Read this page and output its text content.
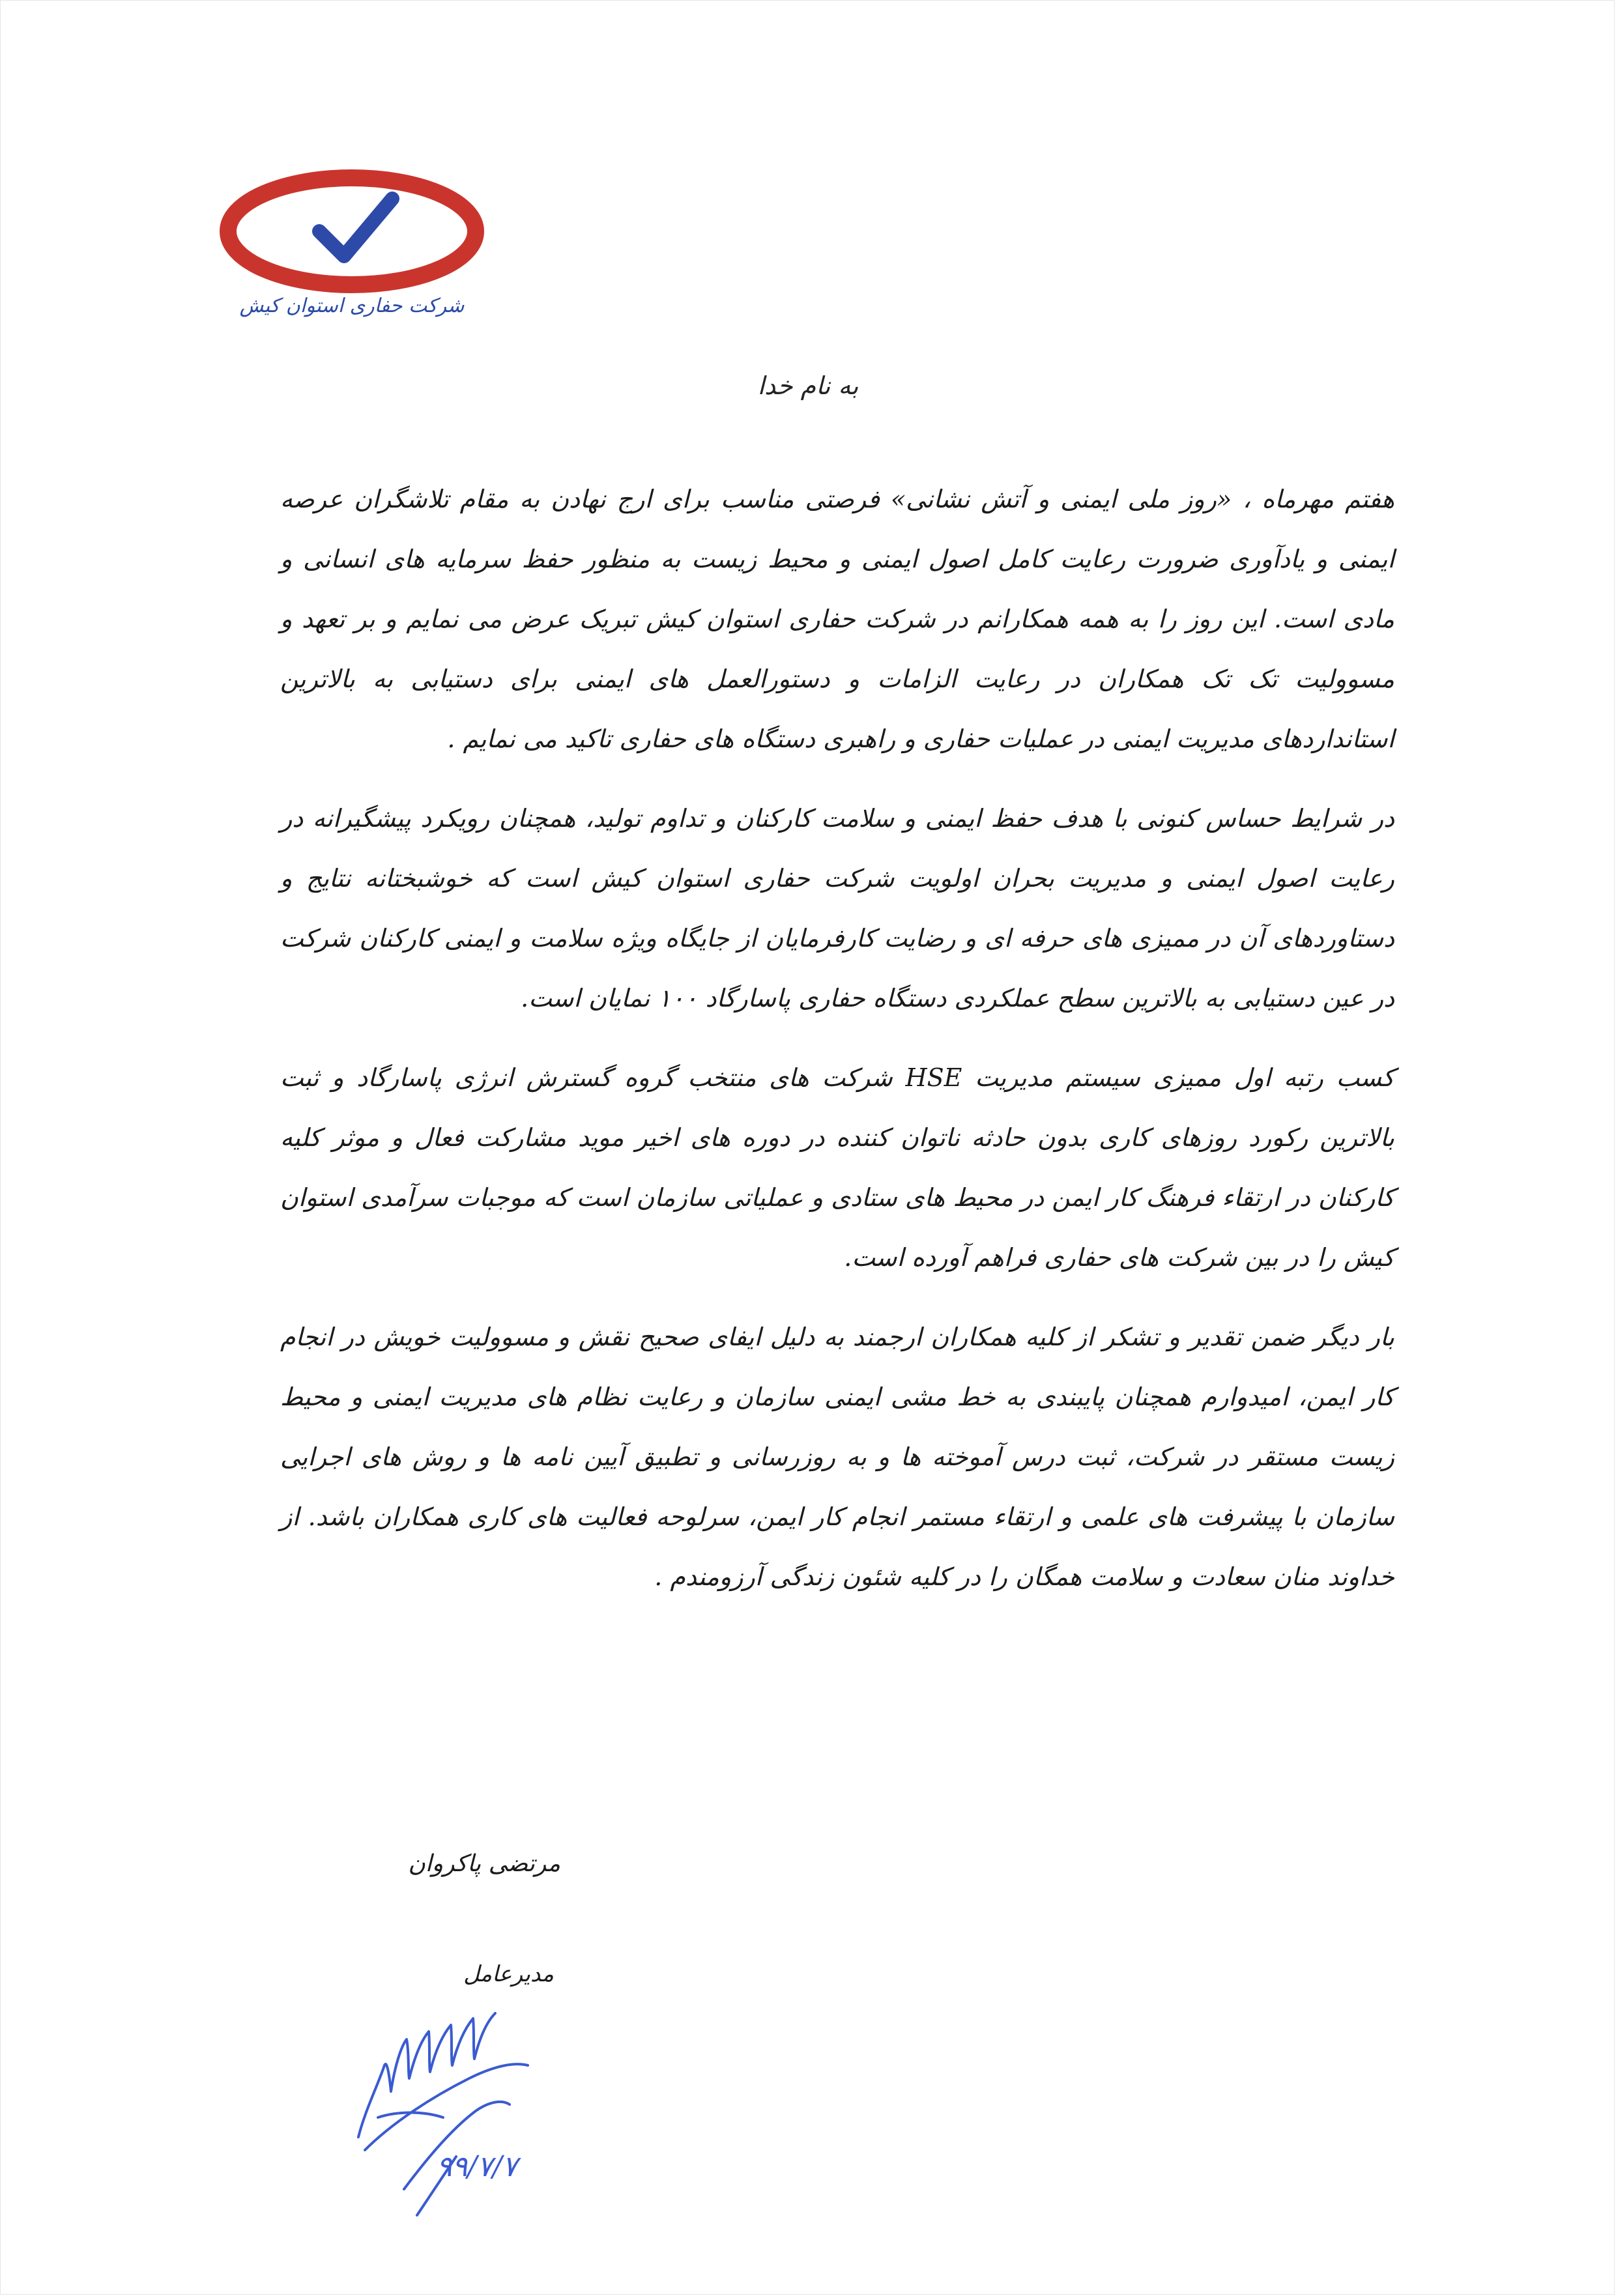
شرکت حفاری استوان کیش
به نام خدا

هفتم مهرماه ، «روز ملی ایمنی و آتش نشانی» فرصتی مناسب برای ارج نهادن به مقام تلاشگران عرصه ایمنی و یادآوری ضرورت رعایت کامل اصول ایمنی و محیط زیست به منظور حفظ سرمایه های انسانی و مادی است. این روز را به همه همکارانم در شرکت حفاری استوان کیش تبریک عرض می نمایم و بر تعهد و مسوولیت تک تک همکاران در رعایت الزامات و دستورالعمل های ایمنی برای دستیابی به بالاترین استانداردهای مدیریت ایمنی در عملیات حفاری و راهبری دستگاه های حفاری تاکید می نمایم .

در شرایط حساس کنونی با هدف حفظ ایمنی و سلامت کارکنان و تداوم تولید، همچنان رویکرد پیشگیرانه در رعایت اصول ایمنی و مدیریت بحران اولویت شرکت حفاری استوان کیش است که خوشبختانه نتایج و دستاوردهای آن در ممیزی های حرفه ای و رضایت کارفرمایان از جایگاه ویژه سلامت و ایمنی کارکنان شرکت در عین دستیابی به بالاترین سطح عملکردی دستگاه حفاری پاسارگاد ۱۰۰ نمایان است.

کسب رتبه اول ممیزی سیستم مدیریت HSE شرکت های منتخب گروه گسترش انرژی پاسارگاد و ثبت بالاترین رکورد روزهای کاری بدون حادثه ناتوان کننده در دوره های اخیر موید مشارکت فعال و موثر کلیه کارکنان در ارتقاء فرهنگ کار ایمن در محیط های ستادی و عملیاتی سازمان است که موجبات سرآمدی استوان کیش را در بین شرکت های حفاری فراهم آورده است.

بار دیگر ضمن تقدیر و تشکر از کلیه همکاران ارجمند به دلیل ایفای صحیح نقش و مسوولیت خویش در انجام کار ایمن، امیدوارم همچنان پایبندی به خط مشی ایمنی سازمان و رعایت نظام های مدیریت ایمنی و محیط زیست مستقر در شرکت، ثبت درس آموخته ها و به روزرسانی و تطبیق آیین نامه ها و روش های اجرایی سازمان با پیشرفت های علمی و ارتقاء مستمر انجام کار ایمن، سرلوحه فعالیت های کاری همکاران باشد. از خداوند منان سعادت و سلامت همگان را در کلیه شئون زندگی آرزومندم .

مرتضی پاکروان
مدیرعامل
۹۹/۷/۷
